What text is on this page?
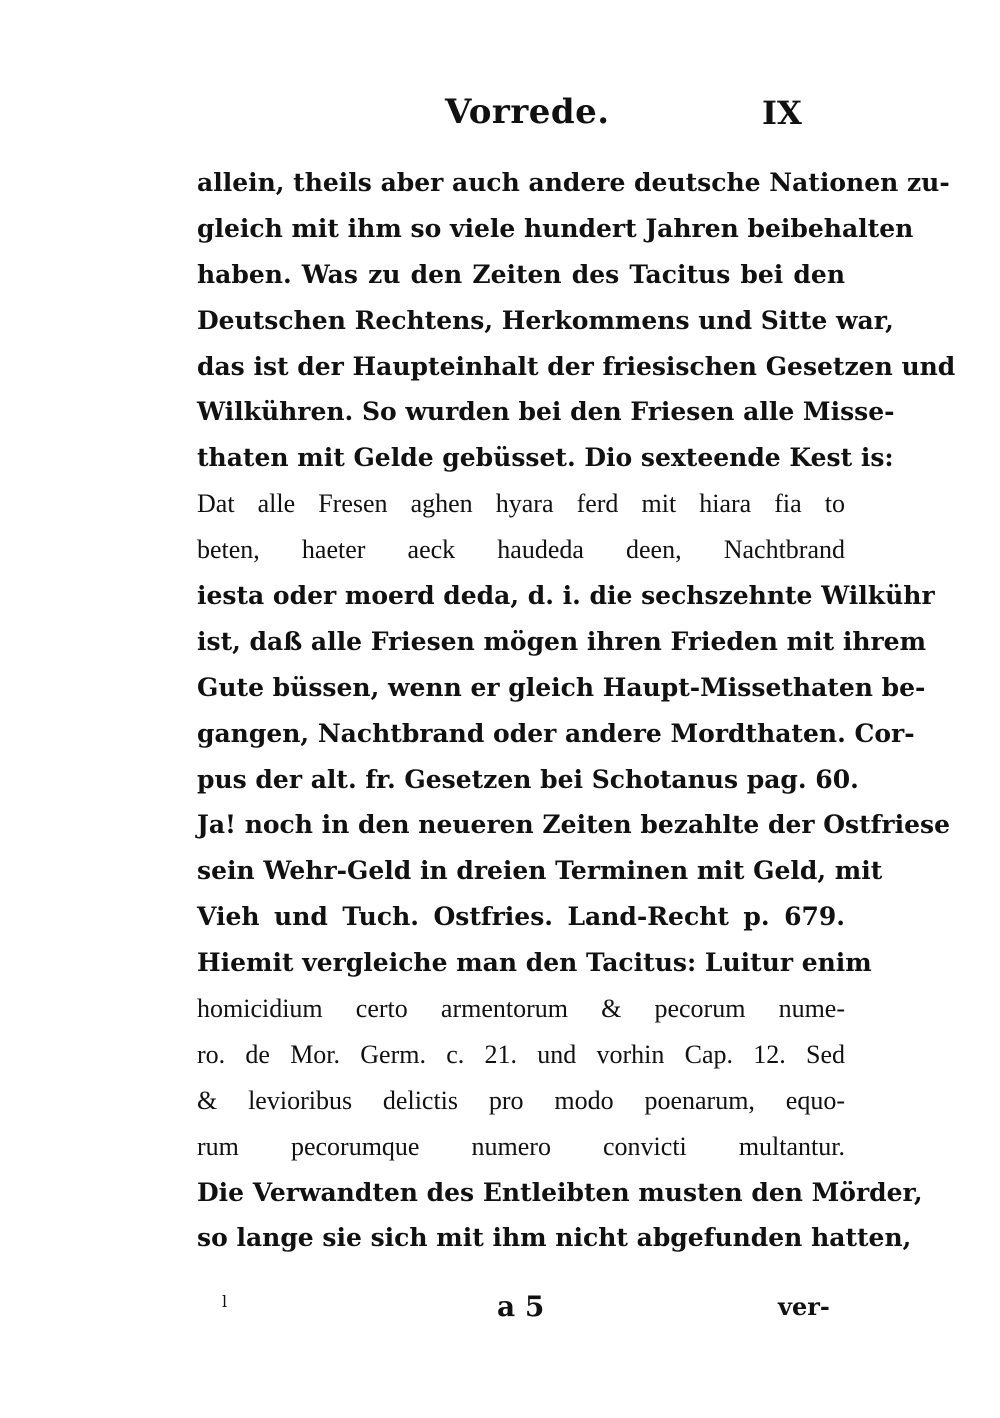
Vorrede.	IX
allein, theils aber auch andere deutsche Nationen zu-
gleich mit ihm so viele hundert Jahren beibehalten
haben. Was zu den Zeiten des Tacitus bei den
Deutschen Rechtens, Herkommens und Sitte war,
das ist der Haupteinhalt der friesischen Gesetzen und
Wilkühren. So wurden bei den Friesen alle Misse-
thaten mit Gelde gebüsset. Dio sexteende Kest is:
Dat alle Fresen aghen hyara ferd mit hiara fia to
beten, haeter aeck haudeda deen, Nachtbrand
iesta oder moerd deda, d. i. die sechszehnte Wilkühr
ist, daß alle Friesen mögen ihren Frieden mit ihrem
Gute büssen, wenn er gleich Haupt-Missethaten be-
gangen, Nachtbrand oder andere Mordthaten. Cor-
pus der alt. fr. Gesetzen bei Schotanus pag. 60.
Ja! noch in den neueren Zeiten bezahlte der Ostfriese
sein Wehr-Geld in dreien Terminen mit Geld, mit
Vieh und Tuch. Ostfries. Land-Recht p. 679.
Hiemit vergleiche man den Tacitus: Luitur enim
homicidium certo armentorum & pecorum nume-
ro. de Mor. Germ. c. 21. und vorhin Cap. 12. Sed
& levioribus delictis pro modo poenarum, equo-
rum pecorumque numero convicti multantur.
Die Verwandten des Entleibten musten den Mörder,
so lange sie sich mit ihm nicht abgefunden hatten,
l	a 5	ver-
